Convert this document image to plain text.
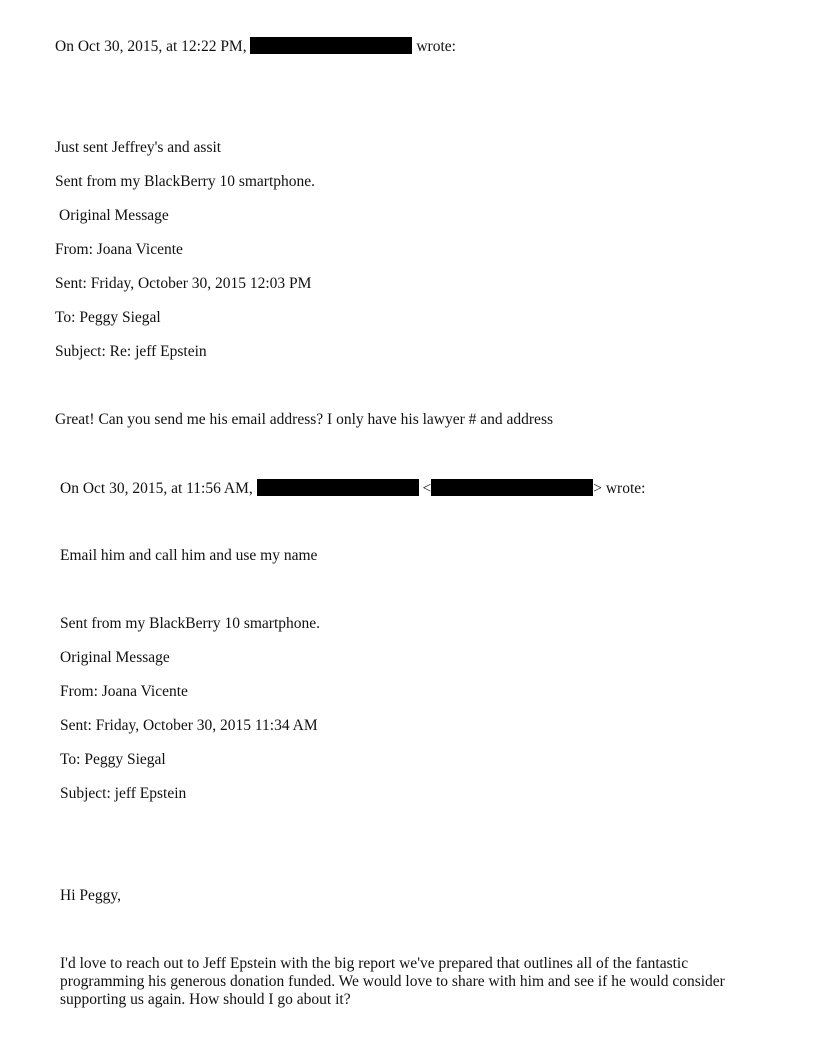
On Oct 30, 2015, at 12:22 PM,	wrote:
Just sent Jeffrey's and assit
Sent from my BlackBerry 10 smartphone.
Original Message
From: Joana Vicente
Sent: Friday, October 30, 2015 12:03 PM
To: Peggy Siegal
Subject: Re: jeff Epstein
Great! Can you send me his email address? I only have his lawyer # and address
On Oct 30, 2015, at 11:56 AM,	<	> wrote:
Email him and call him and use my name
Sent from my BlackBerry 10 smartphone.
Original Message
From: Joana Vicente
Sent: Friday, October 30, 2015 11:34 AM
To: Peggy Siegal
Subject: jeff Epstein
Hi Peggy,
I'd love to reach out to Jeff Epstein with the big report we've prepared that outlines all of the fantastic programming his generous donation funded. We would love to share with him and see if he would consider supporting us again. How should I go about it?
